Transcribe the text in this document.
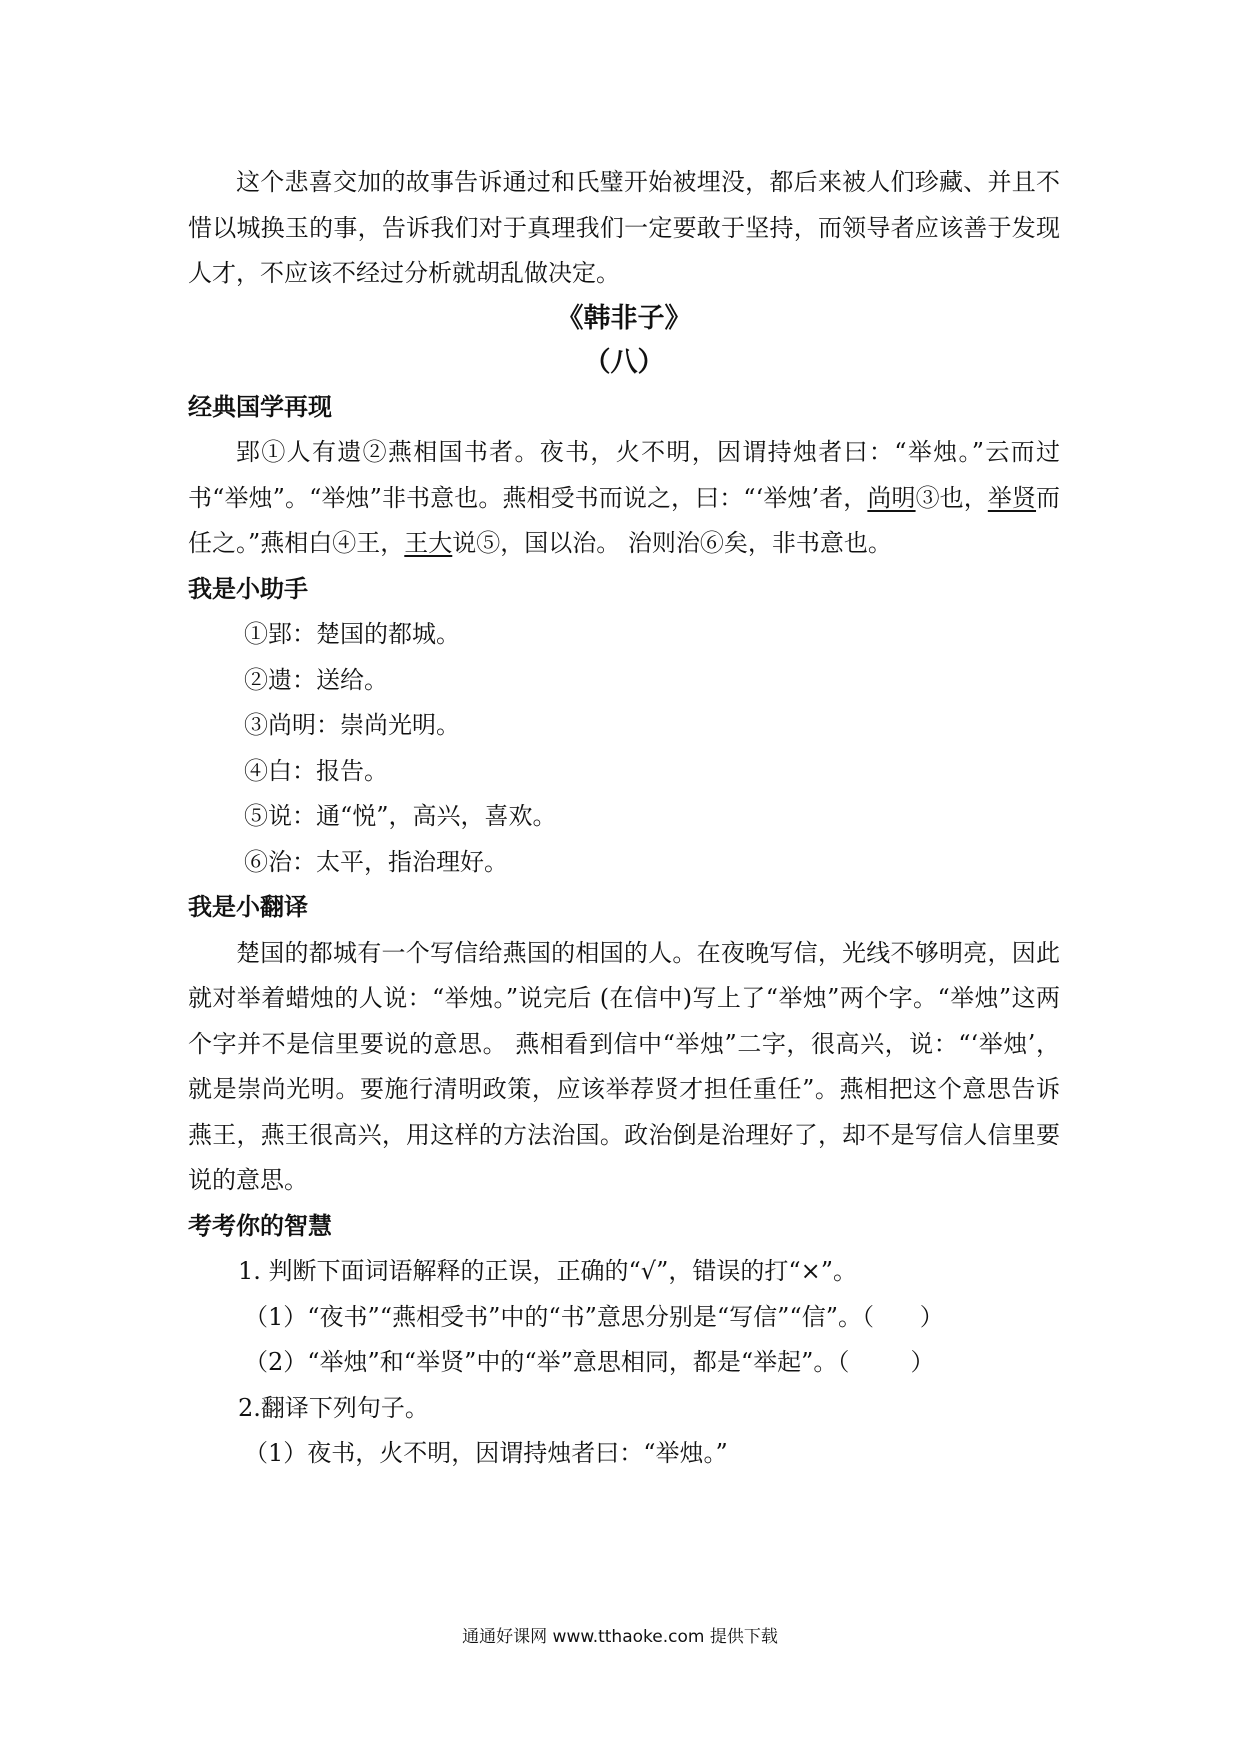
这个悲喜交加的故事告诉通过和氏璧开始被埋没，都后来被人们珍藏、并且不惜以城换玉的事，告诉我们对于真理我们一定要敢于坚持，而领导者应该善于发现人才，不应该不经过分析就胡乱做决定。

《韩非子》

（八）

经典国学再现

郢①人有遗②燕相国书者。夜书，火不明，因谓持烛者曰：“举烛。”云而过书“举烛”。“举烛”非书意也。燕相受书而说之，曰：“‘举烛’者，尚明③也，举贤而任之。”燕相白④王，王大说⑤，国以治。 治则治⑥矣，非书意也。

我是小助手

①郢：楚国的都城。

②遗：送给。

③尚明：崇尚光明。

④白：报告。

⑤说：通“悦”，高兴，喜欢。

⑥治：太平，指治理好。

我是小翻译

楚国的都城有一个写信给燕国的相国的人。在夜晚写信，光线不够明亮，因此就对举着蜡烛的人说：“举烛。”说完后 (在信中)写上了“举烛”两个字。“举烛”这两个字并不是信里要说的意思。 燕相看到信中“举烛”二字，很高兴，说：“‘举烛’，就是崇尚光明。要施行清明政策，应该举荐贤才担任重任”。燕相把这个意思告诉燕王，燕王很高兴，用这样的方法治国。政治倒是治理好了，却不是写信人信里要说的意思。

考考你的智慧

1. 判断下面词语解释的正误，正确的“√”，错误的打“×”。

（1）“夜书”“燕相受书”中的“书”意思分别是“写信”“信”。（      ）

（2）“举烛”和“举贤”中的“举”意思相同，都是“举起”。（        ）

2.翻译下列句子。

（1）夜书，火不明，因谓持烛者曰：“举烛。”

通通好课网 www.tthaoke.com 提供下载
